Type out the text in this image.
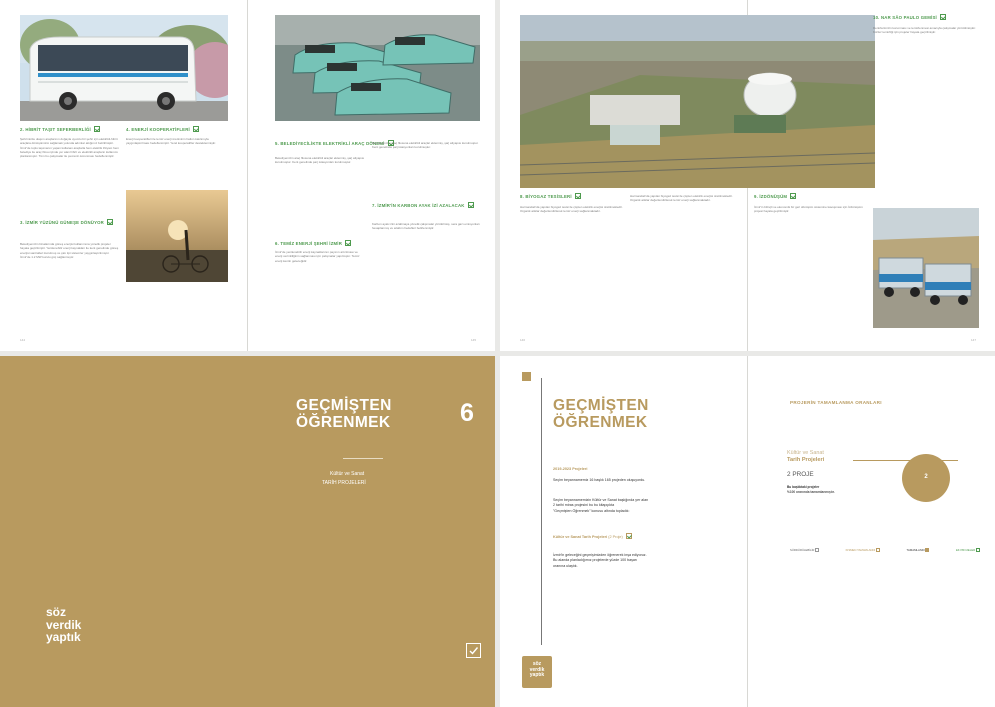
2. HİBRİT TAŞIT SEFERBERLİĞİ
Şehrimizde ulaşım araçlarının doğayla uyumlu bir şehir için elektrikli-hibrit araçlara dönüşümünü sağlamak yolunda adımlar attığımız belirtilmiştir. İzmir'de toplu taşımanın yapan kullanan araçlarla hem elektrik ihtiyacı hem belediye ile araç filosu içinde yer alan hibrit ve elektrikli araçların kullanımı planlanmıştır. Tüm bu çalışmalar ile çevrenin korunması hedeflenmiştir.
3. İZMİR YÜZÜNÜ GÜNEŞE DÖNÜYOR
Belediyemizin binalarında güneş enerjisi kullanımına yönelik projeler hayata geçirilmiştir. Yenilenebilir enerji kaynakları ile kent genelinde güneş enerjisi santralleri kurulmuş ve çatı tipi sistemler yaygınlaştırılmıştır. İzmir'de 1.2 MW kurulu güç sağlanmıştır.
4. ENERJİ KOOPERATİFLERİ
Enerji kooperatifleri ile temiz enerji üretiminin halkın katılımıyla yaygınlaştırılması hedeflenmiştir. Yerel kooperatifler desteklenmiştir.
144
5. BELEDİYECİLİKTE ELEKTRİKLİ ARAÇ DÖNEMİ
Belediyemizin araç filosuna elektrikli araçlar eklenmiş, şarj altyapısı kurulmuştur. Kent genelinde şarj istasyonları kurulmuştur.
6. TEMİZ ENERJİ ŞEHRİ İZMİR
İzmir'de yenilenebilir enerji kaynaklarının payının artırılması ve enerji verimliliğinin sağlanması için çalışmalar yapılmıştır. Temiz enerji kentin geleceğidir.
Belediyemizin araç filosuna elektrikli araçlar eklenmiş, şarj altyapısı kurulmuştur. Kent genelinde şarj istasyonları kurulmuştur.
7. İZMİR'İN KARBON AYAK İZİ AZALACAK
Karbon ayak izini azaltmaya yönelik çalışmalar yürütülmüş, sera gazı emisyonları hesaplanmış ve azaltım hedefleri belirlenmiştir.
145
8. BİYOGAZ TESİSLERİ
Harmandalı'da yapılan biyogaz tesisi ile çöpten elektrik enerjisi üretilmektedir. Organik atıklar değerlendirilerek temiz enerji sağlanmaktadır.
Harmandalı'da yapılan biyogaz tesisi ile çöpten elektrik enerjisi üretilmektedir. Organik atıklar değerlendirilerek temiz enerji sağlanmaktadır.
146
10. NAR SÃO PAULO GEMİSİ
Denizlerimizin korunması ve temizlenmesi amacıyla çalışmalar yürütülmüştür. Körfez temizliği için projeler hayata geçirilmiştir.
9. İZDÖNÜŞÜM
İzmir'in bilinçli ve ekonomik bir geri dönüşüm sistemine kavuşması için İzdönüşüm projesi hayata geçirilmiştir.
147
GEÇMİŞTEN
ÖĞRENMEK	6
Kültür ve Sanat
TARİH PROJELERİ
söz
verdik
yaptık
GEÇMİŞTEN
ÖĞRENMEK
2019-2023 Projeleri
Seçim beyannamemiz 16 başlık 165 projeden oluşuyordu.
Seçim beyannamemizin Kültür ve Sanat başlığında yer alan
2 tarihi miras projesini bu bu kitapçıkta
"Geçmişten Öğrenmek" konusu altında topladık:
Kültür ve Sanat Tarih Projeleri (2 Proje)
İzmir'in geleceğini geçmişimizden öğrenerek inşa ediyoruz.
Bu alanda planladığımız projelerde yüzde 100 başarı
oranına ulaştık.
söz
verdik
yaptık
PROJERİN TAMAMLANMA ORANLARI
Kültür ve Sanat
Tarih Projeleri
2 PROJE
Bu başlıktaki projeler
%100 oranında tamamlanmıştır.
2
SÜRDÜRÜLEBİLİR	KISMEN TAMAMLANDI	TAMAMLANDI	EK PROJELER
